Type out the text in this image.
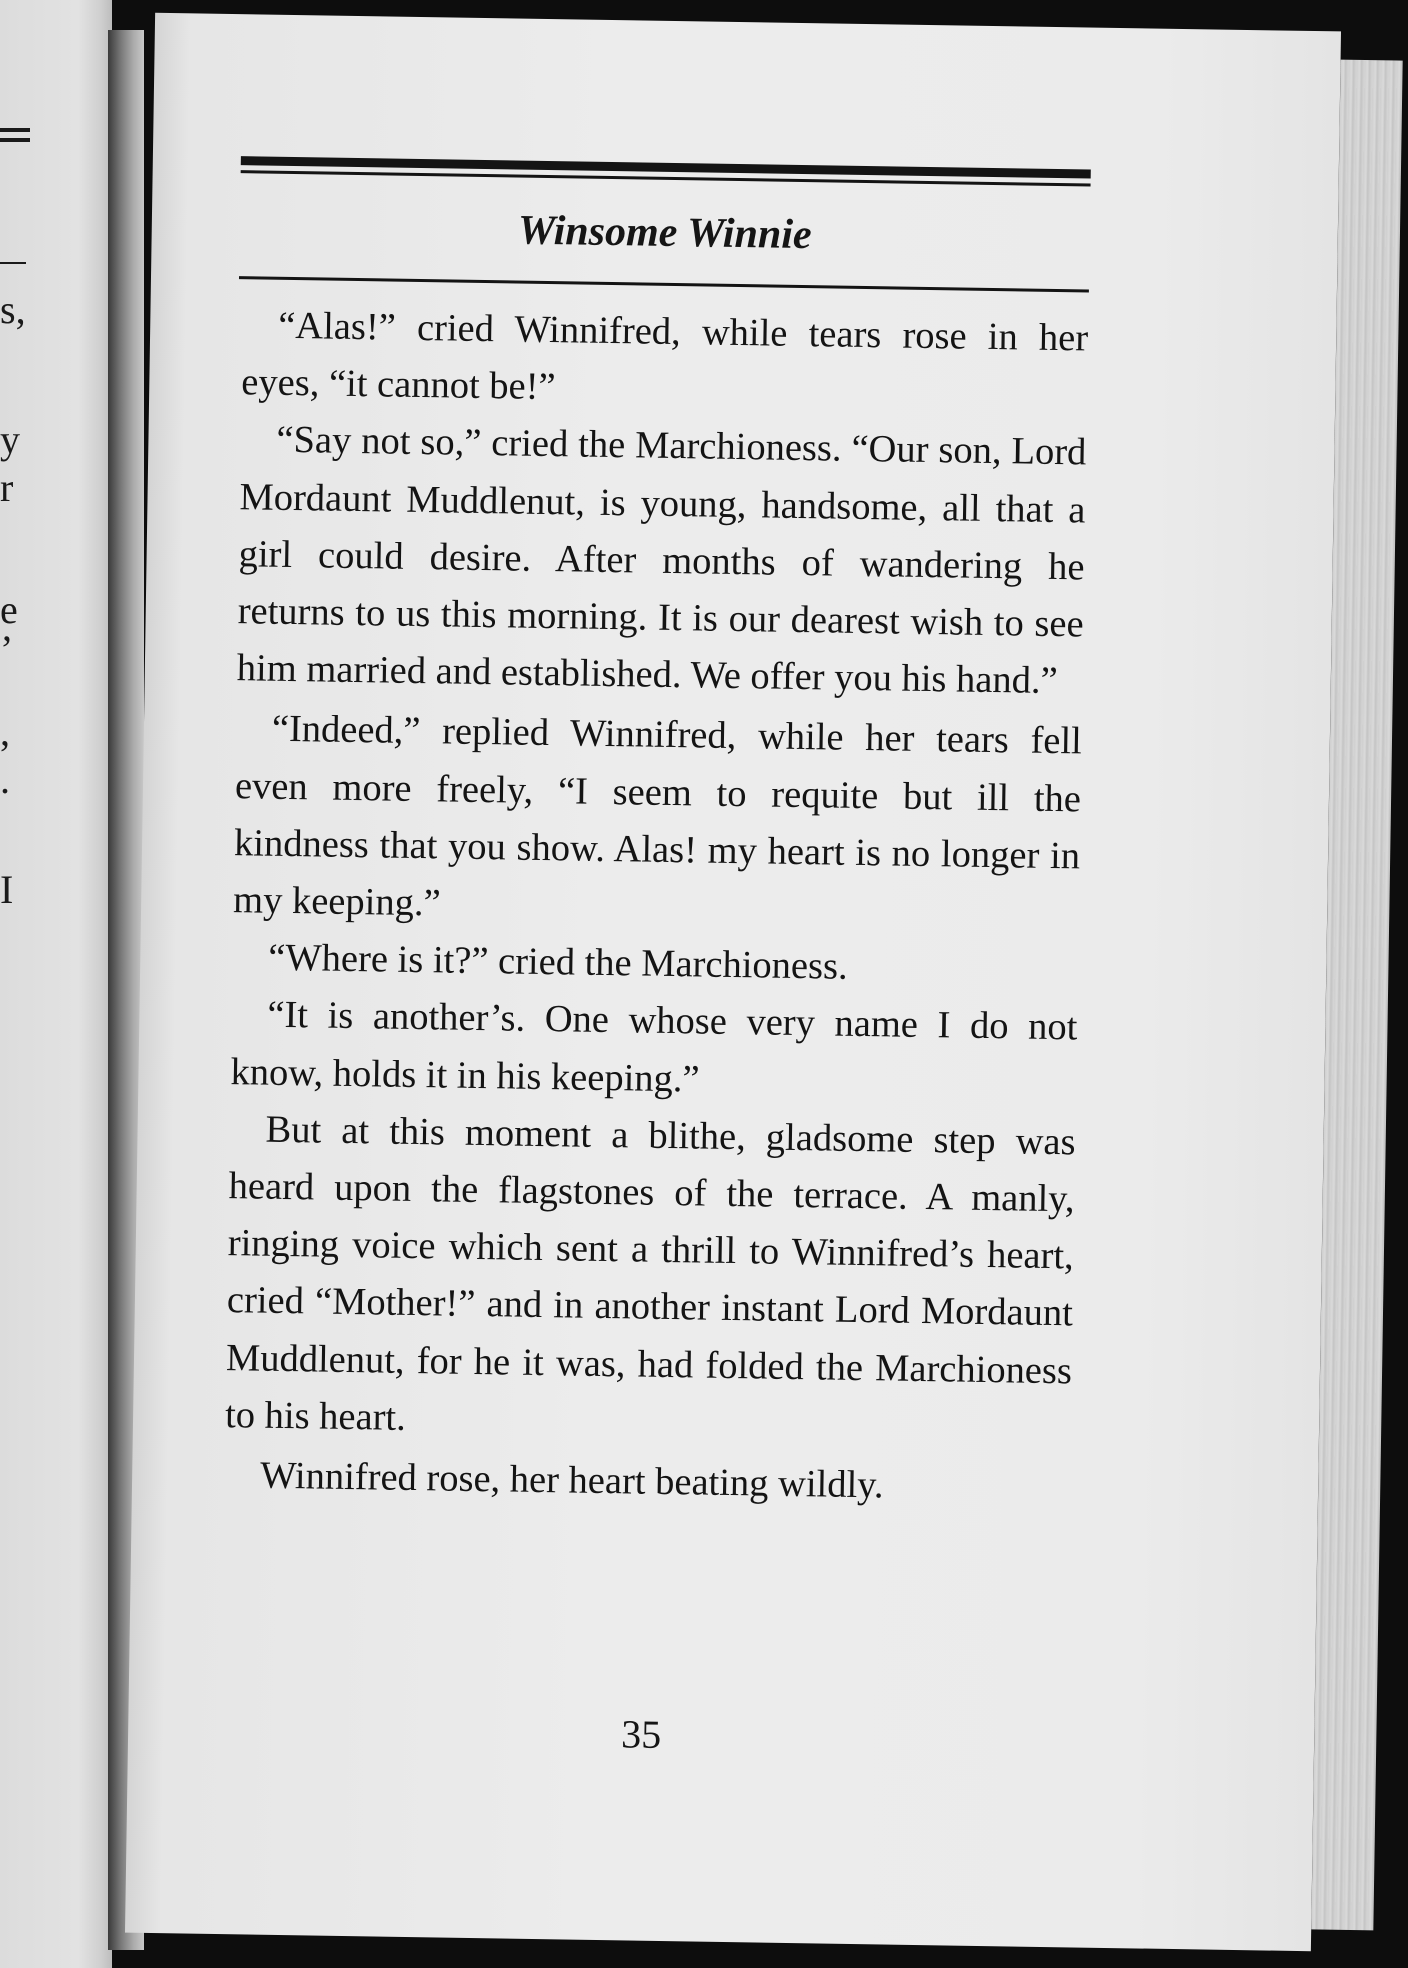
s,
y
r
e
’
,
.
I
Winsome Winnie

“Alas!” cried Winnifred, while tears rose in her eyes, “it cannot be!”

“Say not so,” cried the Marchioness. “Our son, Lord Mordaunt Muddlenut, is young, handsome, all that a girl could desire. After months of wandering he returns to us this morning. It is our dearest wish to see him married and established. We offer you his hand.”

“Indeed,” replied Winnifred, while her tears fell even more freely, “I seem to requite but ill the kindness that you show. Alas! my heart is no longer in my keeping.”

“Where is it?” cried the Marchioness.

“It is another’s. One whose very name I do not know, holds it in his keeping.”

But at this moment a blithe, gladsome step was heard upon the flagstones of the terrace. A manly, ringing voice which sent a thrill to Winnifred’s heart, cried “Mother!” and in another instant Lord Mordaunt Muddlenut, for he it was, had folded the Marchioness to his heart.

Winnifred rose, her heart beating wildly.

35
